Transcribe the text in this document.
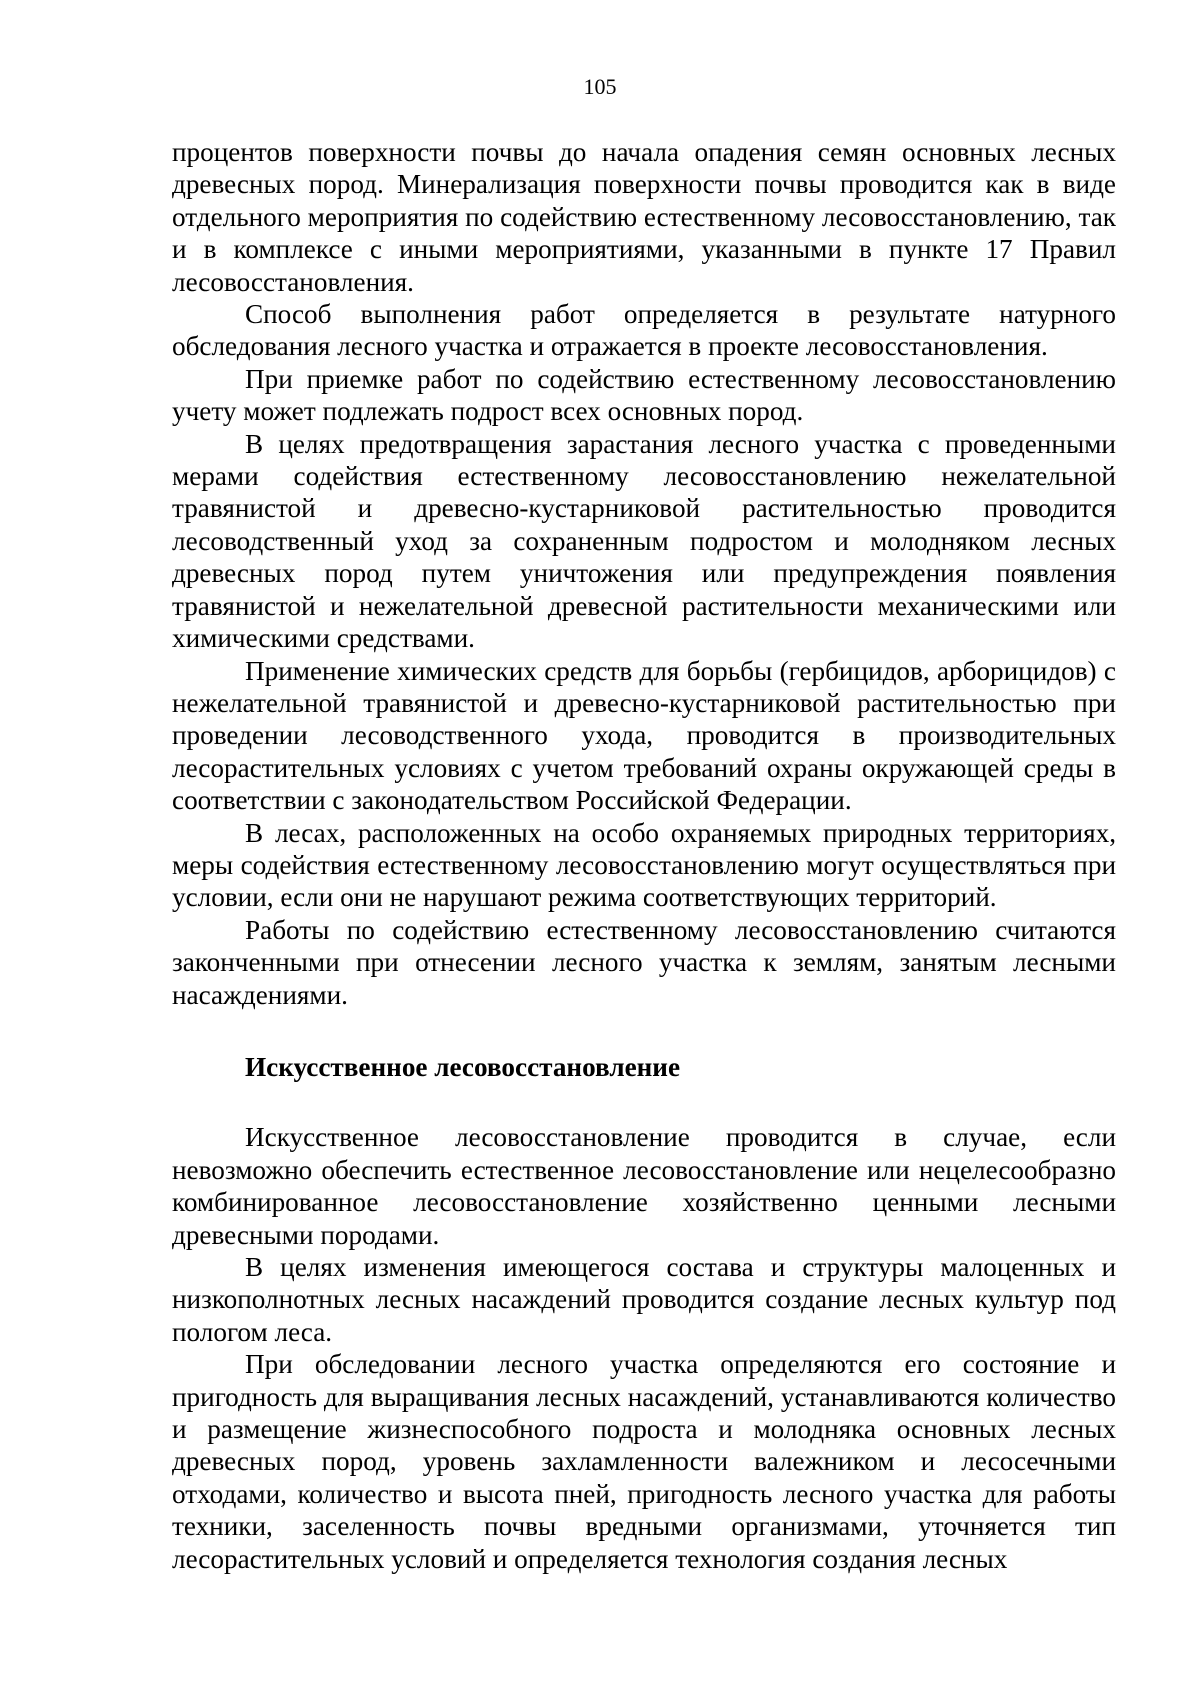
105

процентов поверхности почвы до начала опадения семян основных лесных древесных пород. Минерализация поверхности почвы проводится как в виде отдельного мероприятия по содействию естественному лесовосстановлению, так и в комплексе с иными мероприятиями, указанными в пункте 17 Правил лесовосстановления.

Способ выполнения работ определяется в результате натурного обследования лесного участка и отражается в проекте лесовосстановления.

При приемке работ по содействию естественному лесовосстановлению учету может подлежать подрост всех основных пород.

В целях предотвращения зарастания лесного участка с проведенными мерами содействия естественному лесовосстановлению нежелательной травянистой и древесно-кустарниковой растительностью проводится лесоводственный уход за сохраненным подростом и молодняком лесных древесных пород путем уничтожения или предупреждения появления травянистой и нежелательной древесной растительности механическими или химическими средствами.

Применение химических средств для борьбы (гербицидов, арборицидов) с нежелательной травянистой и древесно-кустарниковой растительностью при проведении лесоводственного ухода, проводится в производительных лесорастительных условиях с учетом требований охраны окружающей среды в соответствии с законодательством Российской Федерации.

В лесах, расположенных на особо охраняемых природных территориях, меры содействия естественному лесовосстановлению могут осуществляться при условии, если они не нарушают режима соответствующих территорий.

Работы по содействию естественному лесовосстановлению считаются законченными при отнесении лесного участка к землям, занятым лесными насаждениями.

Искусственное лесовосстановление

Искусственное лесовосстановление проводится в случае, если невозможно обеспечить естественное лесовосстановление или нецелесообразно комбинированное лесовосстановление хозяйственно ценными лесными древесными породами.

В целях изменения имеющегося состава и структуры малоценных и низкополнотных лесных насаждений проводится создание лесных культур под пологом леса.

При обследовании лесного участка определяются его состояние и пригодность для выращивания лесных насаждений, устанавливаются количество и размещение жизнеспособного подроста и молодняка основных лесных древесных пород, уровень захламленности валежником и лесосечными отходами, количество и высота пней, пригодность лесного участка для работы техники, заселенность почвы вредными организмами, уточняется тип лесорастительных условий и определяется технология создания лесных
